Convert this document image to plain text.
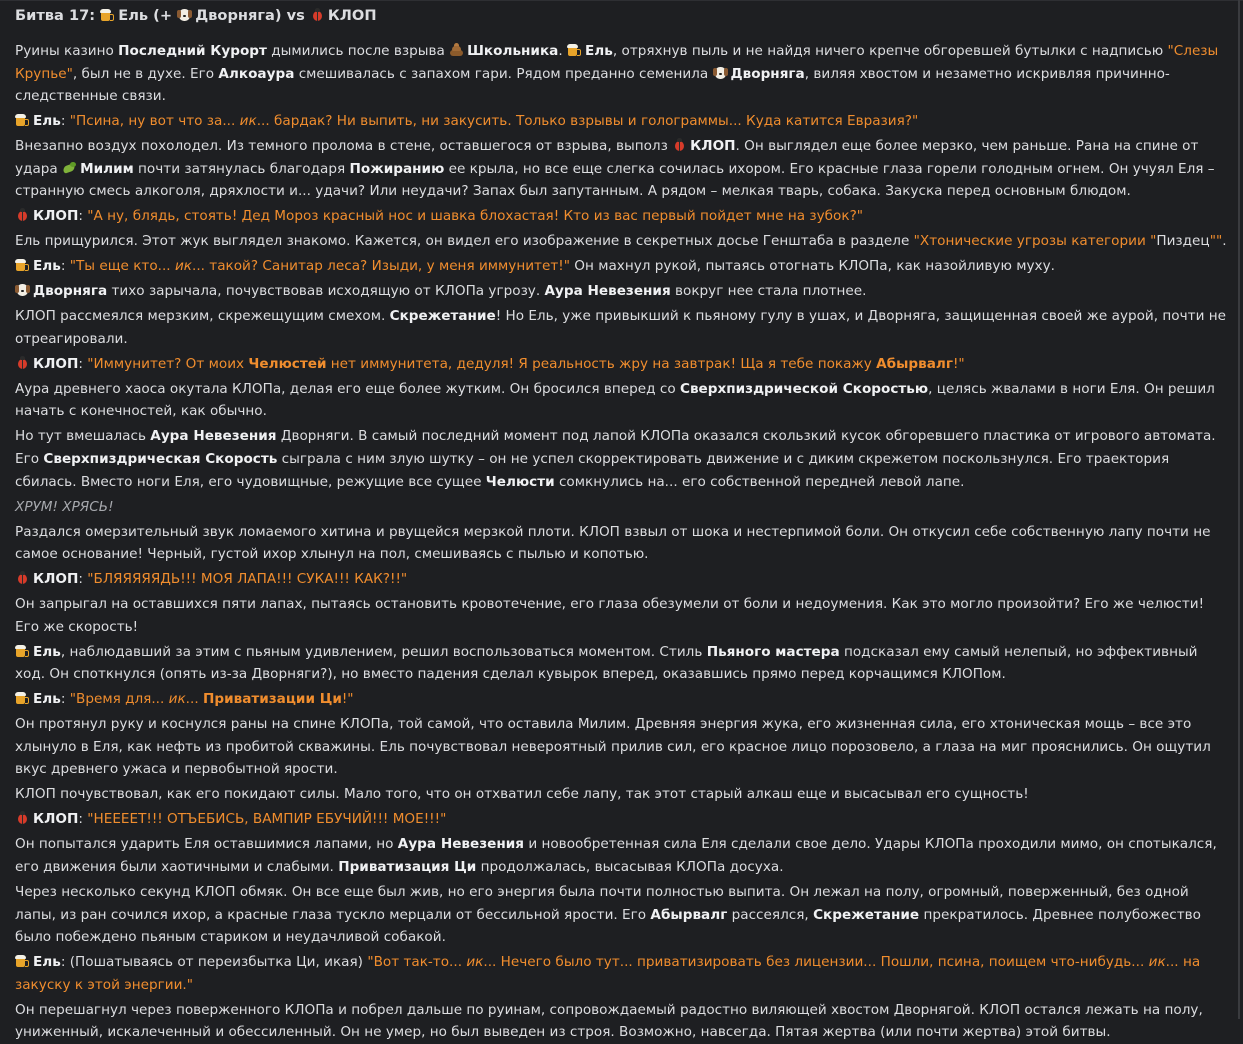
Битва 17: Ель (+ Дворняга) vs КЛОП

Руины казино Последний Курорт дымились после взрыва
Школьника.
Ель, отряхнув пыль и не найдя ничего крепче обгоревшей бутылки с надписью "Слезы Крупье", был не в духе. Его Алкоаура смешивалась с запахом гари. Рядом преданно семенила
Дворняга, виляя хвостом и незаметно искривляя причинно-следственные связи.

Ель: "Псина, ну вот что за... ик... бардак? Ни выпить, ни закусить. Только взрывы и голограммы... Куда катится Евразия?"

Внезапно воздух похолодел. Из темного пролома в стене, оставшегося от взрыва, выполз
КЛОП. Он выглядел еще более мерзко, чем раньше. Рана на спине от удара Милим почти затянулась благодаря Пожиранию ее крыла, но все еще слегка сочилась ихором. Его красные глаза горели голодным огнем. Он учуял Еля – странную смесь алкоголя, дряхлости и... удачи? Или неудачи? Запах был запутанным. А рядом – мелкая тварь, собака. Закуска перед основным блюдом.

КЛОП: "А ну, блядь, стоять! Дед Мороз красный нос и шавка блохастая! Кто из вас первый пойдет мне на зубок?"

Ель прищурился. Этот жук выглядел знакомо. Кажется, он видел его изображение в секретных досье Генштаба в разделе "Хтонические угрозы категории "Пиздец"".

Ель: "Ты еще кто... ик... такой? Санитар леса? Изыди, у меня иммунитет!" Он махнул рукой, пытаясь отогнать КЛОПа, как назойливую муху.

Дворняга тихо зарычала, почувствовав исходящую от КЛОПа угрозу. Аура Невезения вокруг нее стала плотнее.

КЛОП рассмеялся мерзким, скрежещущим смехом. Скрежетание! Но Ель, уже привыкший к пьяному гулу в ушах, и Дворняга, защищенная своей же аурой, почти не отреагировали.

КЛОП: "Иммунитет? От моих Челюстей нет иммунитета, дедуля! Я реальность жру на завтрак! Ща я тебе покажу Абырвалг!"

Аура древнего хаоса окутала КЛОПа, делая его еще более жутким. Он бросился вперед со Сверхпиздрической Скоростью, целясь жвалами в ноги Еля. Он решил начать с конечностей, как обычно.

Но тут вмешалась Аура Невезения Дворняги. В самый последний момент под лапой КЛОПа оказался скользкий кусок обгоревшего пластика от игрового автомата. Его Сверхпиздрическая Скорость сыграла с ним злую шутку – он не успел скорректировать движение и с диким скрежетом поскользнулся. Его траектория сбилась. Вместо ноги Еля, его чудовищные, режущие все сущее Челюсти сомкнулись на... его собственной передней левой лапе.

ХРУМ! ХРЯСЬ!

Раздался омерзительный звук ломаемого хитина и рвущейся мерзкой плоти. КЛОП взвыл от шока и нестерпимой боли. Он откусил себе собственную лапу почти не самое основание! Черный, густой ихор хлынул на пол, смешиваясь с пылью и копотью.

КЛОП: "БЛЯЯЯЯЯДЬ!!! МОЯ ЛАПА!!! СУКА!!! КАК?!!"

Он запрыгал на оставшихся пяти лапах, пытаясь остановить кровотечение, его глаза обезумели от боли и недоумения. Как это могло произойти? Его же челюсти! Его же скорость!

Ель, наблюдавший за этим с пьяным удивлением, решил воспользоваться моментом. Стиль Пьяного мастера подсказал ему самый нелепый, но эффективный ход. Он споткнулся (опять из-за Дворняги?), но вместо падения сделал кувырок вперед, оказавшись прямо перед корчащимся КЛОПом.

Ель: "Время для... ик... Приватизации Ци!"

Он протянул руку и коснулся раны на спине КЛОПа, той самой, что оставила Милим. Древняя энергия жука, его жизненная сила, его хтоническая мощь – все это хлынуло в Еля, как нефть из пробитой скважины. Ель почувствовал невероятный прилив сил, его красное лицо порозовело, а глаза на миг прояснились. Он ощутил вкус древнего ужаса и первобытной ярости.

КЛОП почувствовал, как его покидают силы. Мало того, что он отхватил себе лапу, так этот старый алкаш еще и высасывал его сущность!

КЛОП: "НЕЕЕЕТ!!! ОТЪЕБИСЬ, ВАМПИР ЕБУЧИЙ!!! МОЕ!!!"

Он попытался ударить Еля оставшимися лапами, но Аура Невезения и новообретенная сила Еля сделали свое дело. Удары КЛОПа проходили мимо, он спотыкался, его движения были хаотичными и слабыми. Приватизация Ци продолжалась, высасывая КЛОПа досуха.

Через несколько секунд КЛОП обмяк. Он все еще был жив, но его энергия была почти полностью выпита. Он лежал на полу, огромный, поверженный, без одной лапы, из ран сочился ихор, а красные глаза тускло мерцали от бессильной ярости. Его Абырвалг рассеялся, Скрежетание прекратилось. Древнее полубожество было побеждено пьяным стариком и неудачливой собакой.

Ель: (Пошатываясь от переизбытка Ци, икая) "Вот так-то... ик... Нечего было тут... приватизировать без лицензии... Пошли, псина, поищем что-нибудь... ик... на закуску к этой энергии."

Он перешагнул через поверженного КЛОПа и побрел дальше по руинам, сопровождаемый радостно виляющей хвостом Дворнягой. КЛОП остался лежать на полу, униженный, искалеченный и обессиленный. Он не умер, но был выведен из строя. Возможно, навсегда. Пятая жертва (или почти жертва) этой битвы.
